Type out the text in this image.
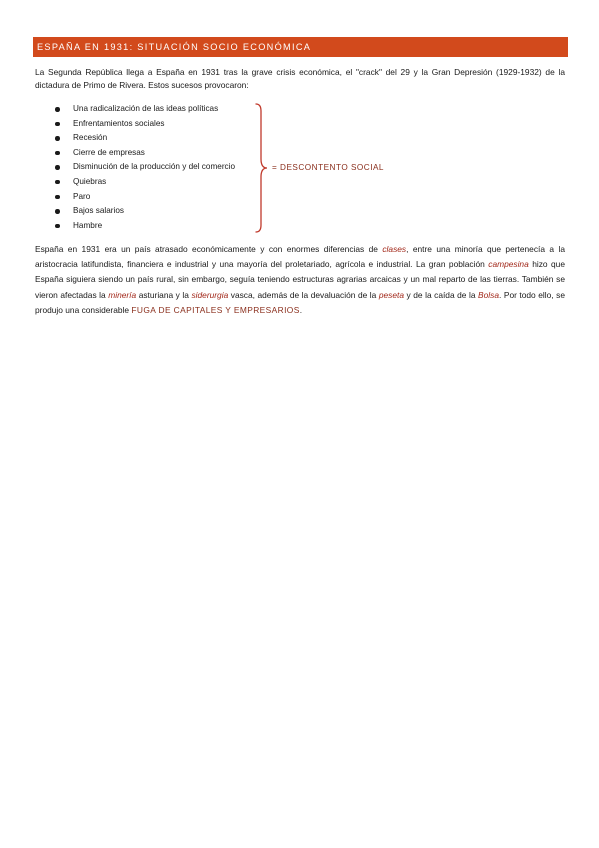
ESPAÑA EN 1931: SITUACIÓN SOCIO ECONÓMICA

La Segunda República llega a España en 1931 tras la grave crisis económica, el "crack" del 29 y la Gran Depresión (1929-1932) de la dictadura de Primo de Rivera. Estos sucesos provocaron:

Una radicalización de las ideas políticas
Enfrentamientos sociales
Recesión
Cierre de empresas
Disminución de la producción y del comercio
Quiebras
Paro
Bajos salarios
Hambre
= DESCONTENTO SOCIAL

España en 1931 era un país atrasado económicamente y con enormes diferencias de clases, entre una minoría que pertenecía a la aristocracia latifundista, financiera e industrial y una mayoría del proletariado, agrícola e industrial. La gran población campesina hizo que España siguiera siendo un país rural, sin embargo, seguía teniendo estructuras agrarias arcaicas y un mal reparto de las tierras. También se vieron afectadas la minería asturiana y la siderurgia vasca, además de la devaluación de la peseta y de la caída de la Bolsa. Por todo ello, se produjo una considerable FUGA DE CAPITALES Y EMPRESARIOS.
